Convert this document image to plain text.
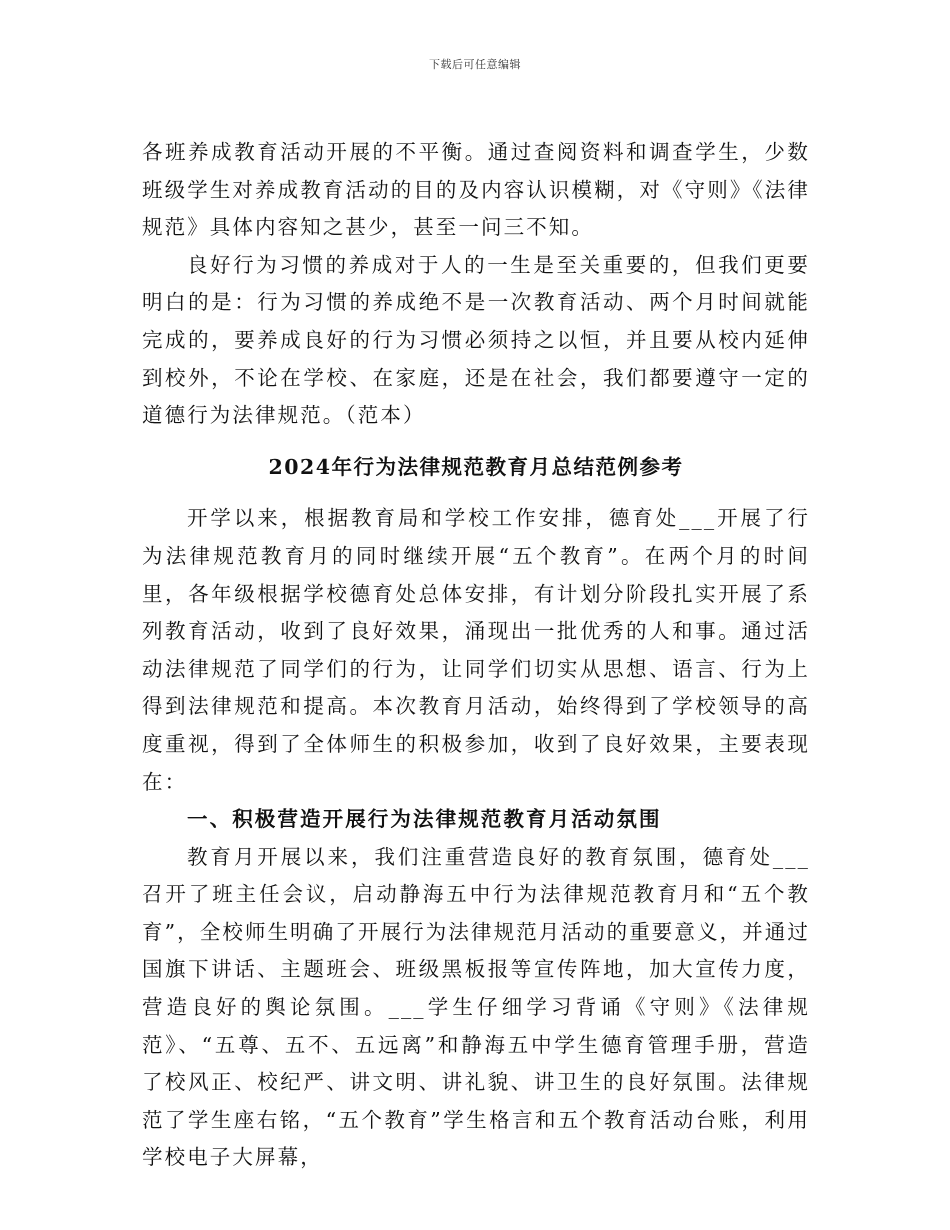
下载后可任意编辑

各班养成教育活动开展的不平衡。通过查阅资料和调查学生，少数班级学生对养成教育活动的目的及内容认识模糊，对《守则》《法律规范》具体内容知之甚少，甚至一问三不知。

良好行为习惯的养成对于人的一生是至关重要的，但我们更要明白的是：行为习惯的养成绝不是一次教育活动、两个月时间就能完成的，要养成良好的行为习惯必须持之以恒，并且要从校内延伸到校外，不论在学校、在家庭，还是在社会，我们都要遵守一定的道德行为法律规范。（范本）

2024年行为法律规范教育月总结范例参考

开学以来，根据教育局和学校工作安排，德育处___开展了行为法律规范教育月的同时继续开展“五个教育”。在两个月的时间里，各年级根据学校德育处总体安排，有计划分阶段扎实开展了系列教育活动，收到了良好效果，涌现出一批优秀的人和事。通过活动法律规范了同学们的行为，让同学们切实从思想、语言、行为上得到法律规范和提高。本次教育月活动，始终得到了学校领导的高度重视，得到了全体师生的积极参加，收到了良好效果，主要表现在：

一、积极营造开展行为法律规范教育月活动氛围

教育月开展以来，我们注重营造良好的教育氛围，德育处___召开了班主任会议，启动静海五中行为法律规范教育月和“五个教育”，全校师生明确了开展行为法律规范月活动的重要意义，并通过国旗下讲话、主题班会、班级黑板报等宣传阵地，加大宣传力度，营造良好的舆论氛围。___学生仔细学习背诵《守则》《法律规范》、“五尊、五不、五远离”和静海五中学生德育管理手册，营造了校风正、校纪严、讲文明、讲礼貌、讲卫生的良好氛围。法律规范了学生座右铭，“五个教育”学生格言和五个教育活动台账，利用学校电子大屏幕，
